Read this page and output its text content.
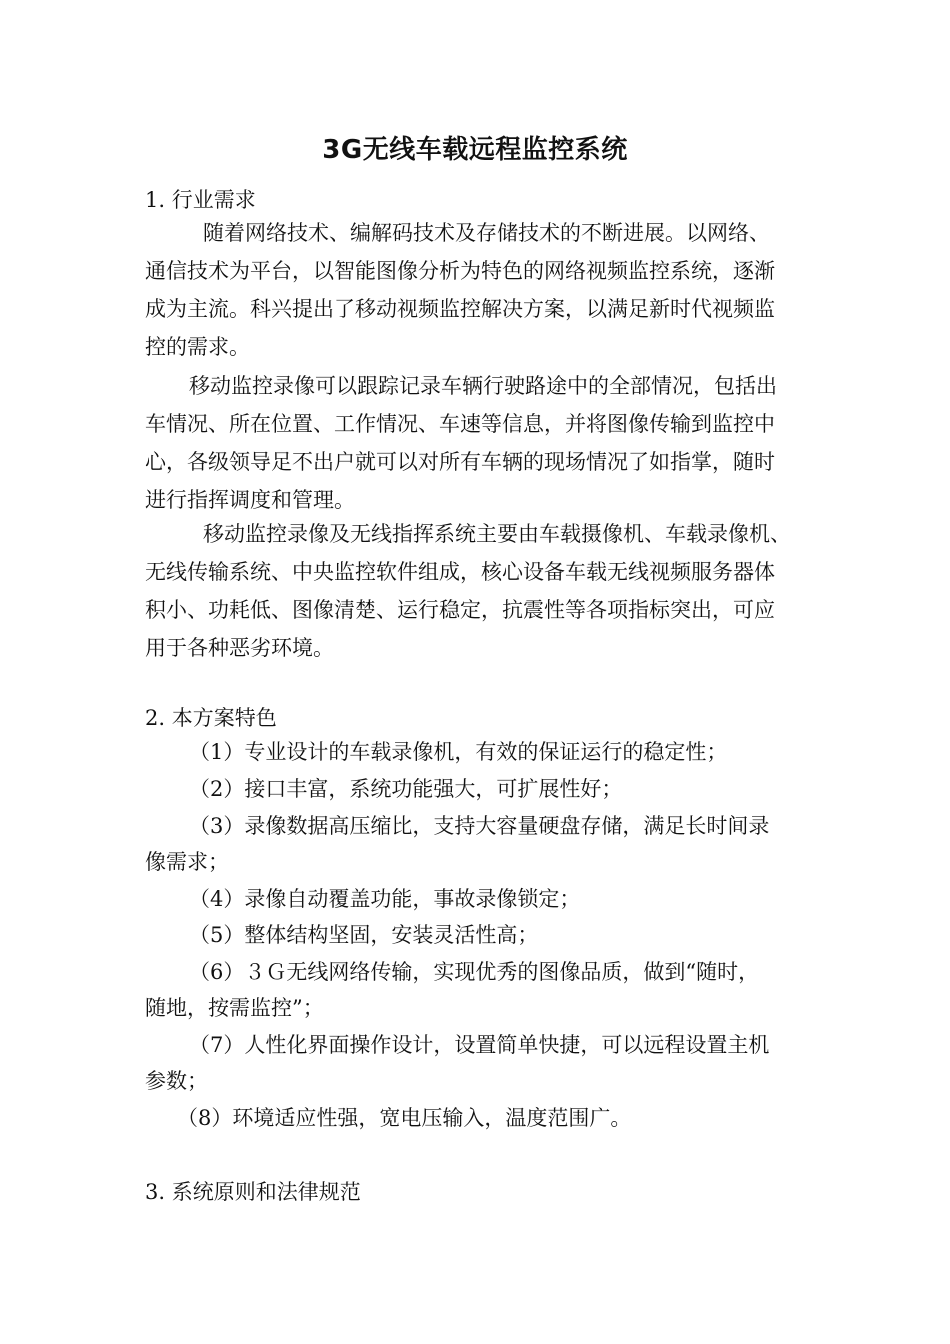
3G无线车载远程监控系统
1. 行业需求
随着网络技术、编解码技术及存储技术的不断进展。以网络、
通信技术为平台，以智能图像分析为特色的网络视频监控系统，逐渐
成为主流。科兴提出了移动视频监控解决方案，以满足新时代视频监
控的需求。
移动监控录像可以跟踪记录车辆行驶路途中的全部情况，包括出
车情况、所在位置、工作情况、车速等信息，并将图像传输到监控中
心，各级领导足不出户就可以对所有车辆的现场情况了如指掌，随时
进行指挥调度和管理。
移动监控录像及无线指挥系统主要由车载摄像机、车载录像机、
无线传输系统、中央监控软件组成，核心设备车载无线视频服务器体
积小、功耗低、图像清楚、运行稳定，抗震性等各项指标突出，可应
用于各种恶劣环境。
2. 本方案特色
（1）专业设计的车载录像机，有效的保证运行的稳定性；
（2）接口丰富，系统功能强大，可扩展性好；
（3）录像数据高压缩比，支持大容量硬盘存储，满足长时间录
像需求；
（4）录像自动覆盖功能，事故录像锁定；
（5）整体结构坚固，安装灵活性高；
（6）３Ｇ无线网络传输，实现优秀的图像品质，做到“随时，
随地，按需监控”；
（7）人性化界面操作设计，设置简单快捷，可以远程设置主机
参数；
（8）环境适应性强，宽电压输入，温度范围广。
3. 系统原则和法律规范
